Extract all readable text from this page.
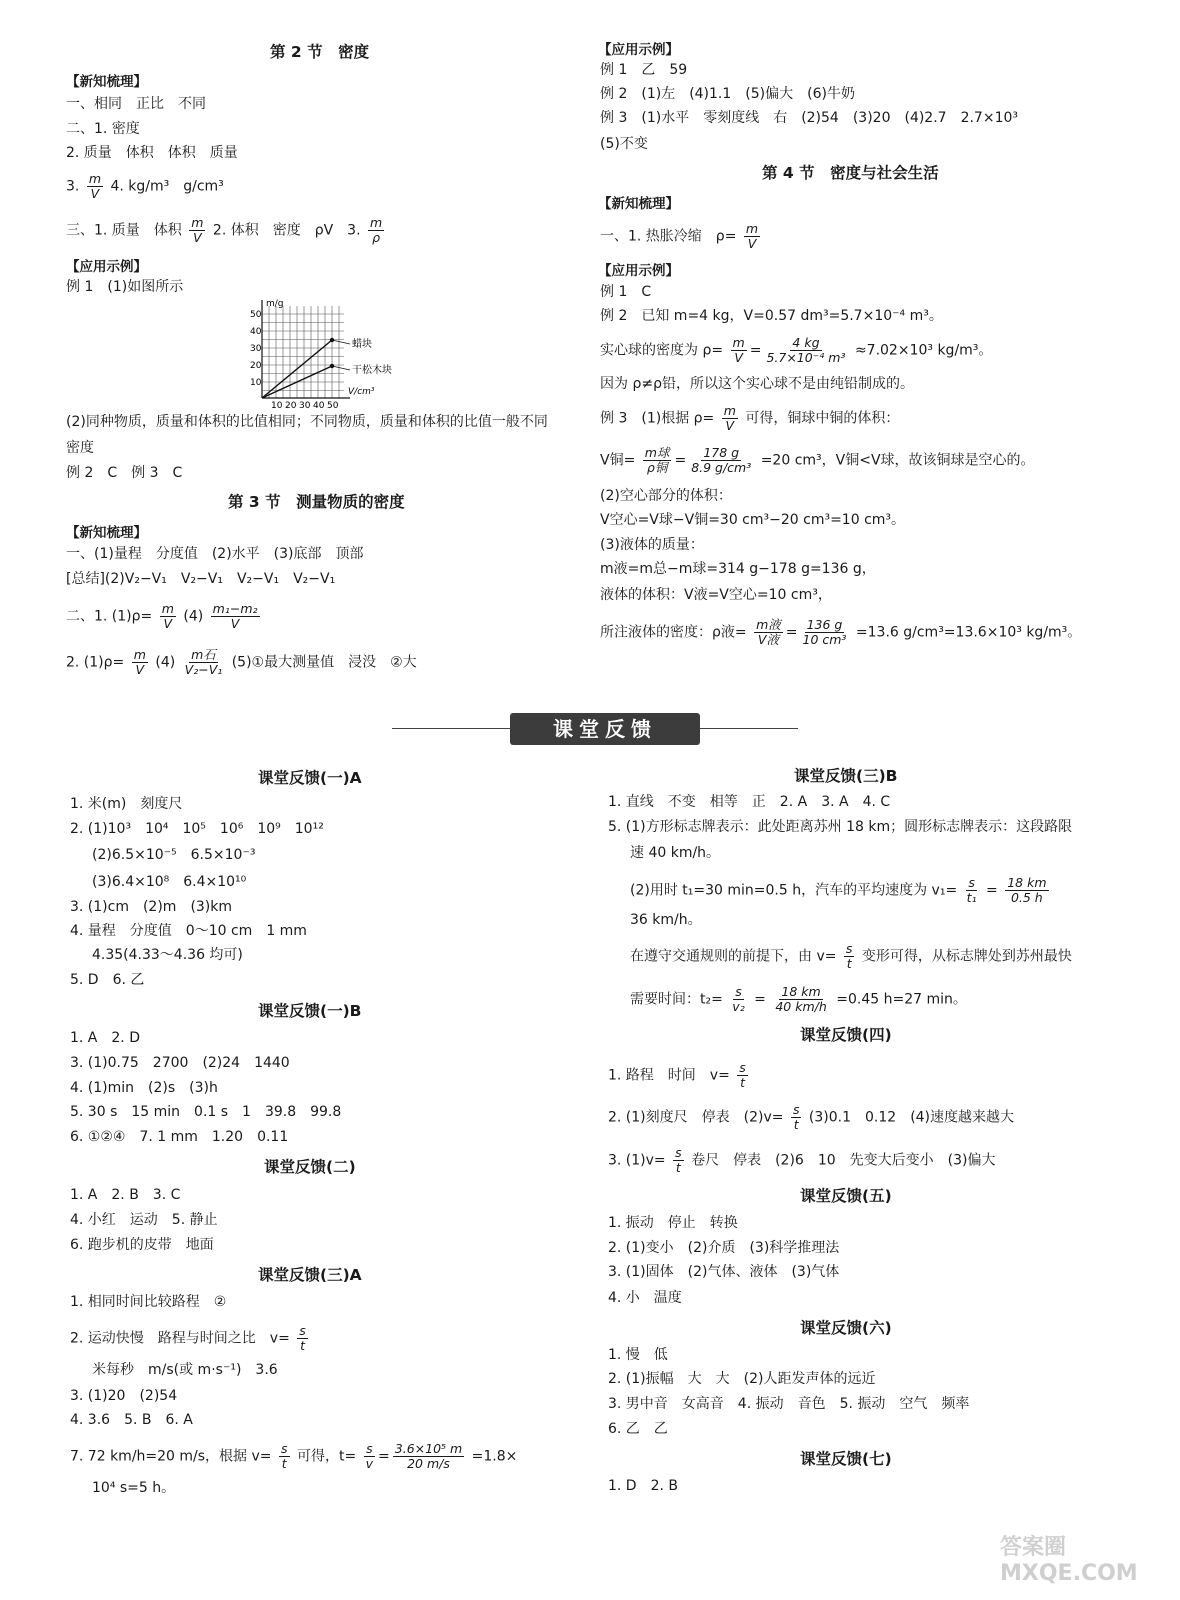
第 2 节　密度
【新知梳理】
一、相同　正比　不同
二、1. 密度
2. 质量　体积　体积　质量
3. $\frac{m}{V} 4$. kg/m³　g/cm³
三、1. 质量　体积 $\frac{m}{V} 2$. 体积　密度　ρV　3. $\frac{m}{\rho}$
【应用示例】
例 1　(1)如图所示
m/g
V/cm³
50
40
30
20
10
10 20 30 40 50
蜡块
干松木块
(2)同种物质，质量和体积的比值相同；不同物质，质量和体积的比值一般不同
密度
例 2　C　例 3　C
第 3 节　测量物质的密度
【新知梳理】
一、(1)量程　分度值　(2)水平　(3)底部　顶部
[总结](2)V₂−V₁　V₂−V₁　V₂−V₁　V₂−V₁
二、1. $(1)\rho= \frac{m}{V} (4) \frac{\text{m₁−m₂}}{V}$
2. $(1)\rho= \frac{m}{V} (4) \frac{\text{m石}}{\text{V₂−V₁}}$ (5)①最大测量值　浸没　②大
【应用示例】
例 1　乙　59
例 2　(1)左　(4)1.1　(5)偏大　(6)牛奶
例 3　(1)水平　零刻度线　右　(2)54　(3)20　(4)2.7　2.7×10³
(5)不变
第 4 节　密度与社会生活
【新知梳理】
一、1. 热胀冷缩　$\rho= \frac{m}{V}$
【应用示例】
例 1　C
例 2　已知 m=4 kg，V=0.57 dm³=5.7×10⁻⁴ m³。
实心球的密度为 $\rho= \frac{m}{V} = \frac{4 kg}{\text{5.7×10⁻⁴ m³}} \approx 7.02\times 10^3$ kg/m³。
因为 ρ≠ρ铅，所以这个实心球不是由纯铅制成的。
例 3　(1)根据 $\rho= \frac{m}{V}$ 可得，铜球中铜的体积：
V铜= $\frac{\text{m球}}{\text{ρ铜}} = \frac{178 g}{\text{8.9 g/cm³}} =20$ cm³，V铜<V球，故该铜球是空心的。
(2)空心部分的体积：
V空心=V球−V铜=30 cm³−20 cm³=10 cm³。
(3)液体的质量：
m液=m总−m球=314 g−178 g=136 g，
液体的体积：V液=V空心=10 cm³，
所注液体的密度：ρ液= $\frac{\text{m液}}{\text{V液}} = \frac{136 g}{\text{10 cm³}} =13.6$ g/cm³=13.6×10³ kg/m³。
课堂反馈
课堂反馈(一)A
1. 米(m)　刻度尺
2. (1)10³　10⁴　10⁵　10⁶　10⁹　10¹²
(2)6.5×10⁻⁵　6.5×10⁻³
(3)6.4×10⁸　6.4×10¹⁰
3. (1)cm　(2)m　(3)km
4. 量程　分度值　0～10 cm　1 mm
4.35(4.33～4.36 均可)
5. D　6. 乙
课堂反馈(一)B
1. A　2. D
3. (1)0.75　2700　(2)24　1440
4. (1)min　(2)s　(3)h
5. 30 s　15 min　0.1 s　1　39.8　99.8
6. ①②④　7. 1 mm　1.20　0.11
课堂反馈(二)
1. A　2. B　3. C
4. 小红　运动　5. 静止
6. 跑步机的皮带　地面
课堂反馈(三)A
1. 相同时间比较路程　②
2. 运动快慢　路程与时间之比　$v= \frac{s}{t}$
米每秒　m/s(或 m·s⁻¹)　3.6
3. (1)20　(2)54
4. 3.6　5. B　6. A
7. 72 km/h=20 m/s，根据 $v= \frac{s}{t}$ 可得，$t= \frac{s}{v} = \frac{\text{3.6×10⁵ m}}{20 m/s} =1.8\times$
10⁴ s=5 h。
课堂反馈(三)B
1. 直线　不变　相等　正　2. A　3. A　4. C
5. (1)方形标志牌表示：此处距离苏州 18 km；圆形标志牌表示：这段路限
速 40 km/h。
(2)用时 t₁=30 min=0.5 h，汽车的平均速度为 $v_1= \frac{s}{\text{t₁}} = \frac{18 km}{0.5 h}$
36 km/h。
在遵守交通规则的前提下，由 $v= \frac{s}{t}$ 变形可得，从标志牌处到苏州最快
需要时间：$t_2= \frac{s}{\text{v₂}} = \frac{18 km}{40 km/h} =0.45$ h=27 min。
课堂反馈(四)
1. 路程　时间　$v= \frac{s}{t}$
2. (1)刻度尺　停表　$(2)v= \frac{s}{t} (3)0.1$　0.12　(4)速度越来越大
3. $(1)v= \frac{s}{t}$ 卷尺　停表　(2)6　10　先变大后变小　(3)偏大
课堂反馈(五)
1. 振动　停止　转换
2. (1)变小　(2)介质　(3)科学推理法
3. (1)固体　(2)气体、液体　(3)气体
4. 小　温度
课堂反馈(六)
1. 慢　低
2. (1)振幅　大　大　(2)人距发声体的远近
3. 男中音　女高音　4. 振动　音色　5. 振动　空气　频率
6. 乙　乙
课堂反馈(七)
1. D　2. B
答案圈 MXQE.COM
